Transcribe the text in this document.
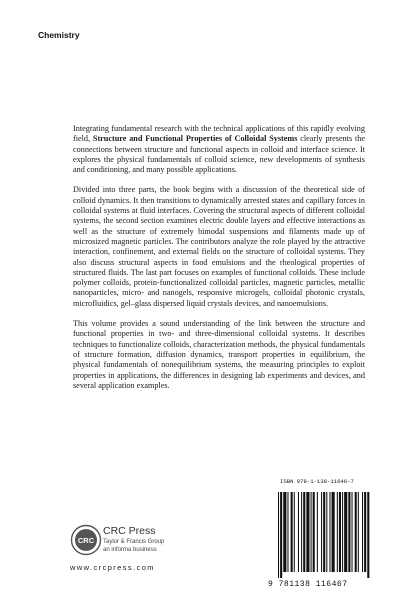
Chemistry

Integrating fundamental research with the technical applications of this rapidly evolving field, Structure and Functional Properties of Colloidal Systems clearly presents the connections between structure and functional aspects in colloid and interface science. It explores the physical fundamentals of colloid science, new developments of synthesis and conditioning, and many possible applications.

Divided into three parts, the book begins with a discussion of the theoretical side of colloid dynamics. It then transitions to dynamically arrested states and capillary forces in colloidal systems at fluid interfaces. Covering the structural aspects of different colloidal systems, the second section examines electric double layers and effective interactions as well as the structure of extremely bimodal suspensions and filaments made up of microsized magnetic particles. The contributors analyze the role played by the attractive interaction, confinement, and external fields on the structure of colloidal systems. They also discuss structural aspects in food emulsions and the rheological properties of structured fluids. The last part focuses on examples of functional colloids. These include polymer colloids, protein-functionalized colloidal particles, magnetic particles, metallic nanoparticles, micro- and nanogels, responsive microgels, colloidal photonic crystals, microfluidics, gel–glass dispersed liquid crystals devices, and nanoemulsions.

This volume provides a sound understanding of the link between the structure and functional properties in two- and three-dimensional colloidal systems. It describes techniques to functionalize colloids, characterization methods, the physical fundamentals of structure formation, diffusion dynamics, transport properties in equilibrium, the physical fundamentals of nonequilibrium systems, the measuring principles to exploit properties in applications, the differences in designing lab experiments and devices, and several application examples.

CRC
CRC Press
Taylor & Francis Group
an informa business
www.crcpress.com
ISBN 978-1-138-11646-7
9 781138 116467
